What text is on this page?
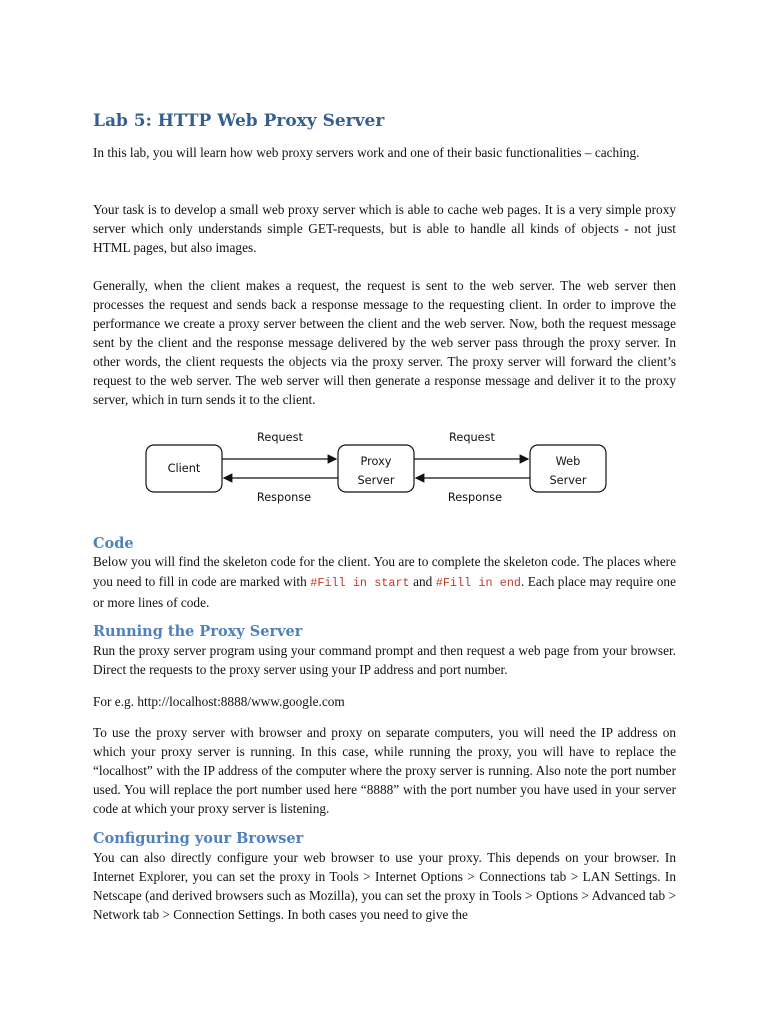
Lab 5: HTTP Web Proxy Server

In this lab, you will learn how web proxy servers work and one of their basic functionalities – caching.

Your task is to develop a small web proxy server which is able to cache web pages. It is a very simple proxy server which only understands simple GET-requests, but is able to handle all kinds of objects - not just HTML pages, but also images.

Generally, when the client makes a request, the request is sent to the web server. The web server then processes the request and sends back a response message to the requesting client. In order to improve the performance we create a proxy server between the client and the web server. Now, both the request message sent by the client and the response message delivered by the web server pass through the proxy server. In other words, the client requests the objects via the proxy server. The proxy server will forward the client’s request to the web server. The web server will then generate a response message and deliver it to the proxy server, which in turn sends it to the client.

Client
Proxy
Server
Web
Server
Request	Request
Response	Response
Code

Below you will find the skeleton code for the client. You are to complete the skeleton code. The places where you need to fill in code are marked with #Fill in start and #Fill in end. Each place may require one or more lines of code.

Running the Proxy Server

Run the proxy server program using your command prompt and then request a web page from your browser. Direct the requests to the proxy server using your IP address and port number.

For e.g. http://localhost:8888/www.google.com

To use the proxy server with browser and proxy on separate computers, you will need the IP address on which your proxy server is running. In this case, while running the proxy, you will have to replace the “localhost” with the IP address of the computer where the proxy server is running. Also note the port number used. You will replace the port number used here “8888” with the port number you have used in your server code at which your proxy server is listening.

Configuring your Browser

You can also directly configure your web browser to use your proxy. This depends on your browser. In Internet Explorer, you can set the proxy in Tools > Internet Options > Connections tab > LAN Settings. In Netscape (and derived browsers such as Mozilla), you can set the proxy in Tools > Options > Advanced tab > Network tab > Connection Settings. In both cases you need to give the
